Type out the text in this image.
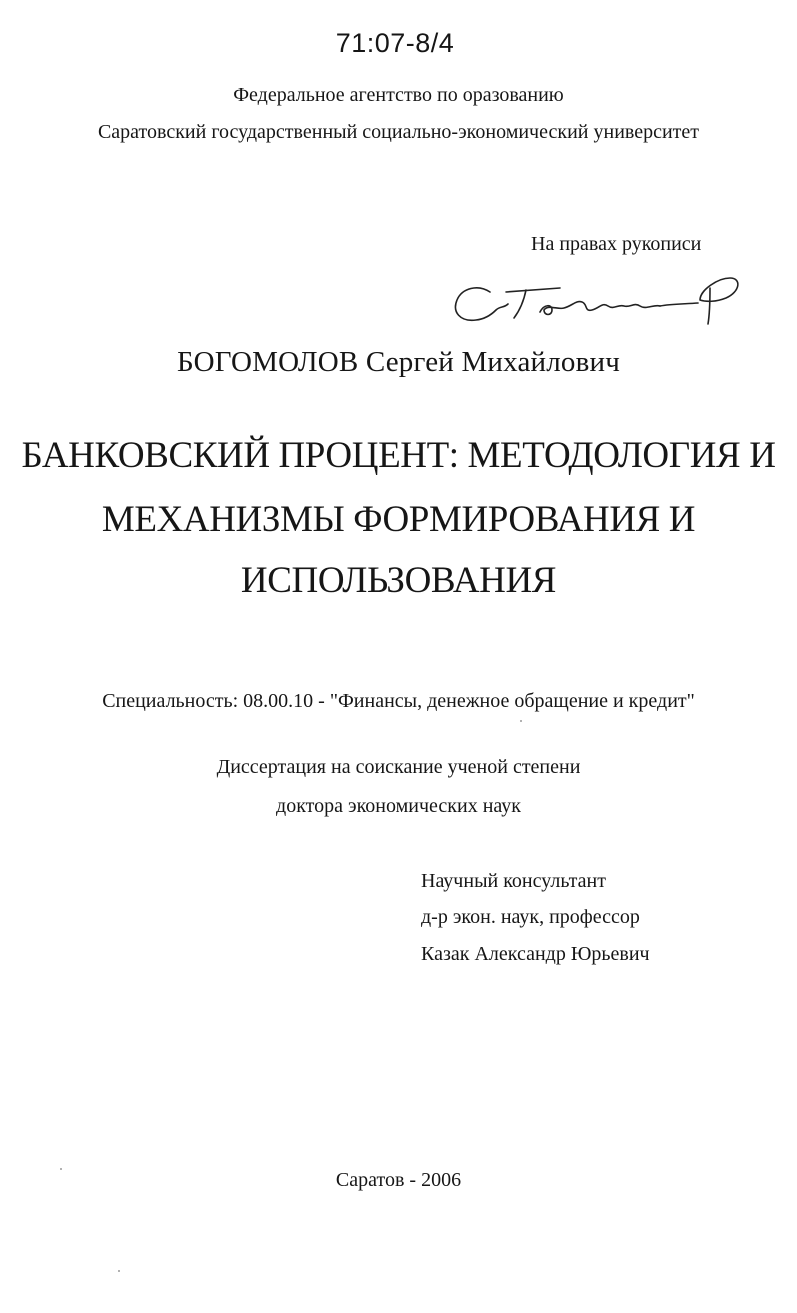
71:07-8/4

Федеральное агентство по оразованию

Саратовский государственный социально-экономический университет

На правах рукописи

БОГОМОЛОВ Сергей Михайлович

БАНКОВСКИЙ ПРОЦЕНТ: МЕТОДОЛОГИЯ И

МЕХАНИЗМЫ ФОРМИРОВАНИЯ И

ИСПОЛЬЗОВАНИЯ

Специальность: 08.00.10 - "Финансы, денежное обращение и кредит"

Диссертация на соискание ученой степени

доктора экономических наук

Научный консультант

д-р экон. наук, профессор

Казак Александр Юрьевич

Саратов - 2006
